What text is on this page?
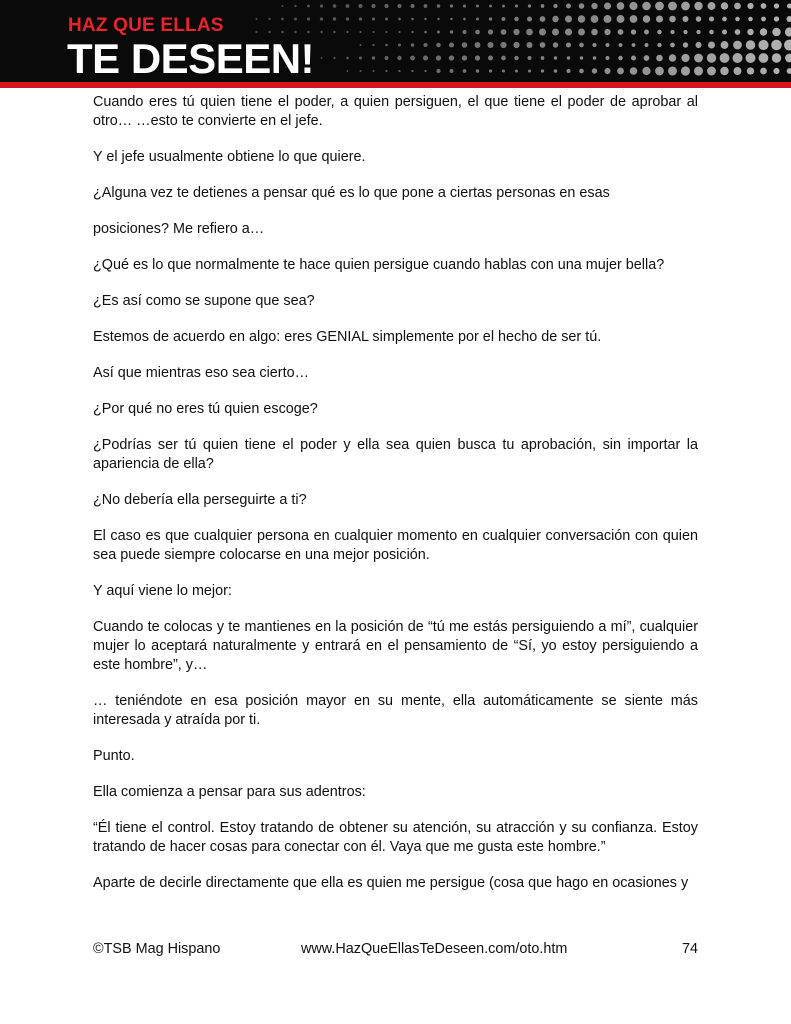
HAZ QUE ELLAS
TE DESEEN!

Cuando eres tú quien tiene el poder, a quien persiguen, el que tiene el poder de aprobar al otro… …esto te convierte en el jefe.

Y el jefe usualmente obtiene lo que quiere.

¿Alguna vez te detienes a pensar qué es lo que pone a ciertas personas en esas

posiciones? Me refiero a…

¿Qué es lo que normalmente te hace quien persigue cuando hablas con una mujer bella?

¿Es así como se supone que sea?

Estemos de acuerdo en algo: eres GENIAL simplemente por el hecho de ser tú.

Así que mientras eso sea cierto…

¿Por qué no eres tú quien escoge?

¿Podrías ser tú quien tiene el poder y ella sea quien busca tu aprobación, sin importar la apariencia de ella?

¿No debería ella perseguirte a ti?

El caso es que cualquier persona en cualquier momento en cualquier conversación con quien sea puede siempre colocarse en una mejor posición.

Y aquí viene lo mejor:

Cuando te colocas y te mantienes en la posición de “tú me estás persiguiendo a mí”, cualquier mujer lo aceptará naturalmente y entrará en el pensamiento de “Sí, yo estoy persiguiendo a este hombre”, y…

… teniéndote en esa posición mayor en su mente, ella automáticamente se siente más interesada y atraída por ti.

Punto.

Ella comienza a pensar para sus adentros:

“Él tiene el control. Estoy tratando de obtener su atención, su atracción y su confianza. Estoy tratando de hacer cosas para conectar con él. Vaya que me gusta este hombre.”

Aparte de decirle directamente que ella es quien me persigue (cosa que hago en ocasiones y

©TSB Mag Hispano	www.HazQueEllasTeDeseen.com/oto.htm	74
